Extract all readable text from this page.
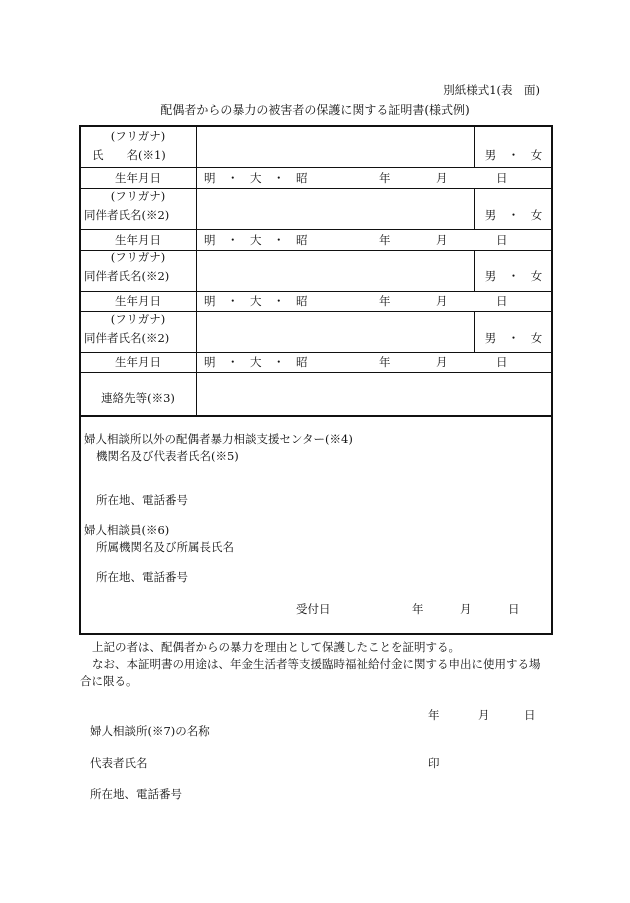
別紙様式1(表　面)
配偶者からの暴力の被害者の保護に関する証明書(様式例)
(フリガナ)
氏　　名(※1)	男　・　女
生年月日	明　・　大　・　昭	年	月	日
(フリガナ)
同伴者氏名(※2)	男　・　女
生年月日	明　・　大　・　昭	年	月	日
(フリガナ)
同伴者氏名(※2)	男　・　女
生年月日	明　・　大　・　昭	年	月	日
(フリガナ)
同伴者氏名(※2)	男　・　女
生年月日	明　・　大　・　昭	年	月	日
連絡先等(※3)
婦人相談所以外の配偶者暴力相談支援センター(※4)
機関名及び代表者氏名(※5)
所在地、電話番号
婦人相談員(※6)
所属機関名及び所属長氏名
所在地、電話番号
受付日	年	月	日
上記の者は、配偶者からの暴力を理由として保護したことを証明する。
なお、本証明書の用途は、年金生活者等支援臨時福祉給付金に関する申出に使用する場
合に限る。
年	月	日
婦人相談所(※7)の名称
代表者氏名	印
所在地、電話番号
